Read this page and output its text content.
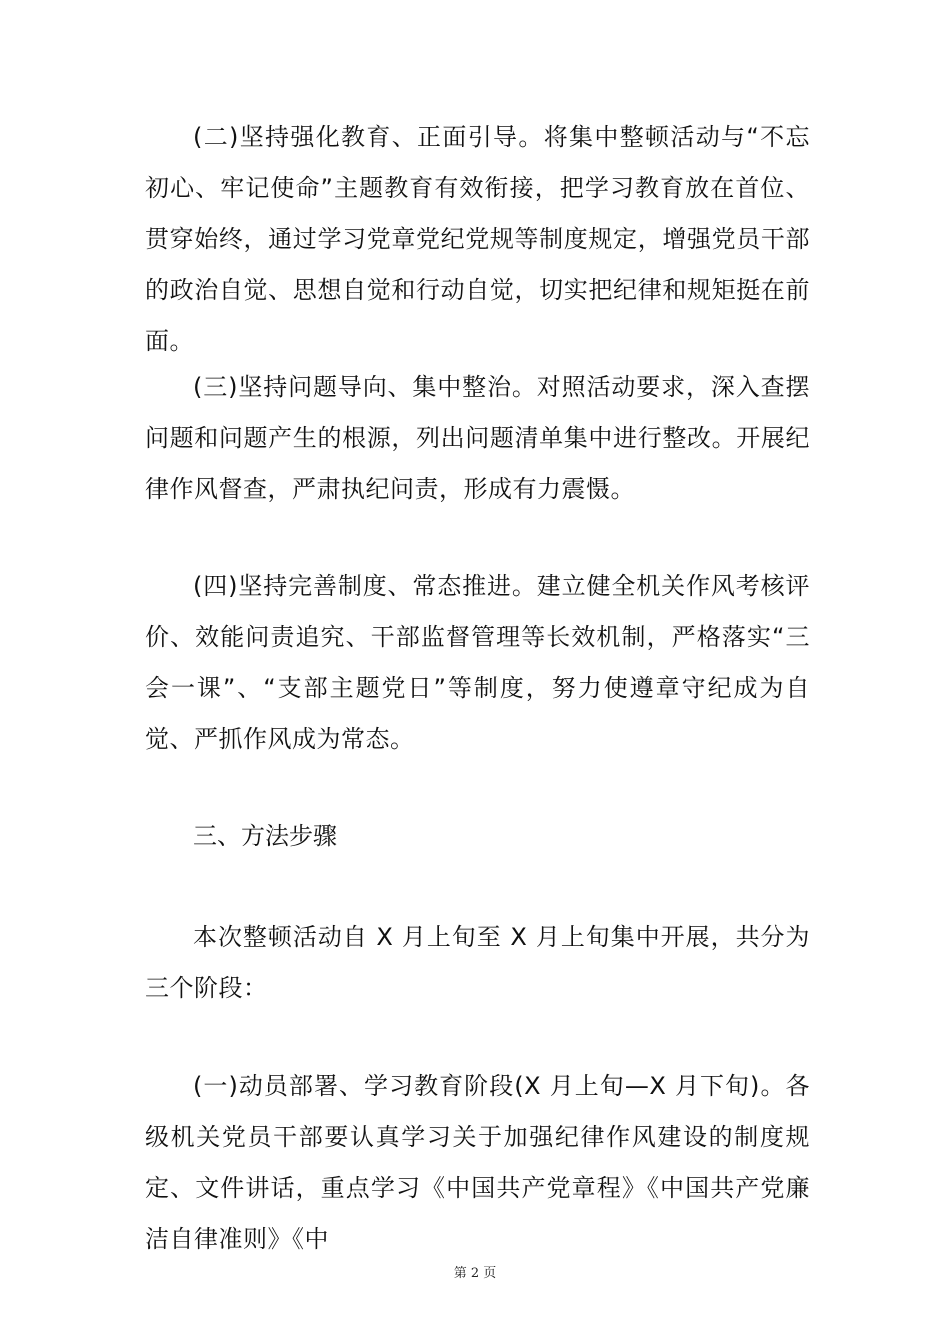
(二)坚持强化教育、正面引导。将集中整顿活动与“不忘初心、牢记使命”主题教育有效衔接，把学习教育放在首位、贯穿始终，通过学习党章党纪党规等制度规定，增强党员干部的政治自觉、思想自觉和行动自觉，切实把纪律和规矩挺在前面。

(三)坚持问题导向、集中整治。对照活动要求，深入查摆问题和问题产生的根源，列出问题清单集中进行整改。开展纪律作风督查，严肃执纪问责，形成有力震慑。

(四)坚持完善制度、常态推进。建立健全机关作风考核评价、效能问责追究、干部监督管理等长效机制，严格落实“三会一课”、“支部主题党日”等制度，努力使遵章守纪成为自觉、严抓作风成为常态。

三、方法步骤

本次整顿活动自 X 月上旬至 X 月上旬集中开展，共分为三个阶段：

(一)动员部署、学习教育阶段(X 月上旬—X 月下旬)。各级机关党员干部要认真学习关于加强纪律作风建设的制度规定、文件讲话，重点学习《中国共产党章程》《中国共产党廉洁自律准则》《中

第 2 页
